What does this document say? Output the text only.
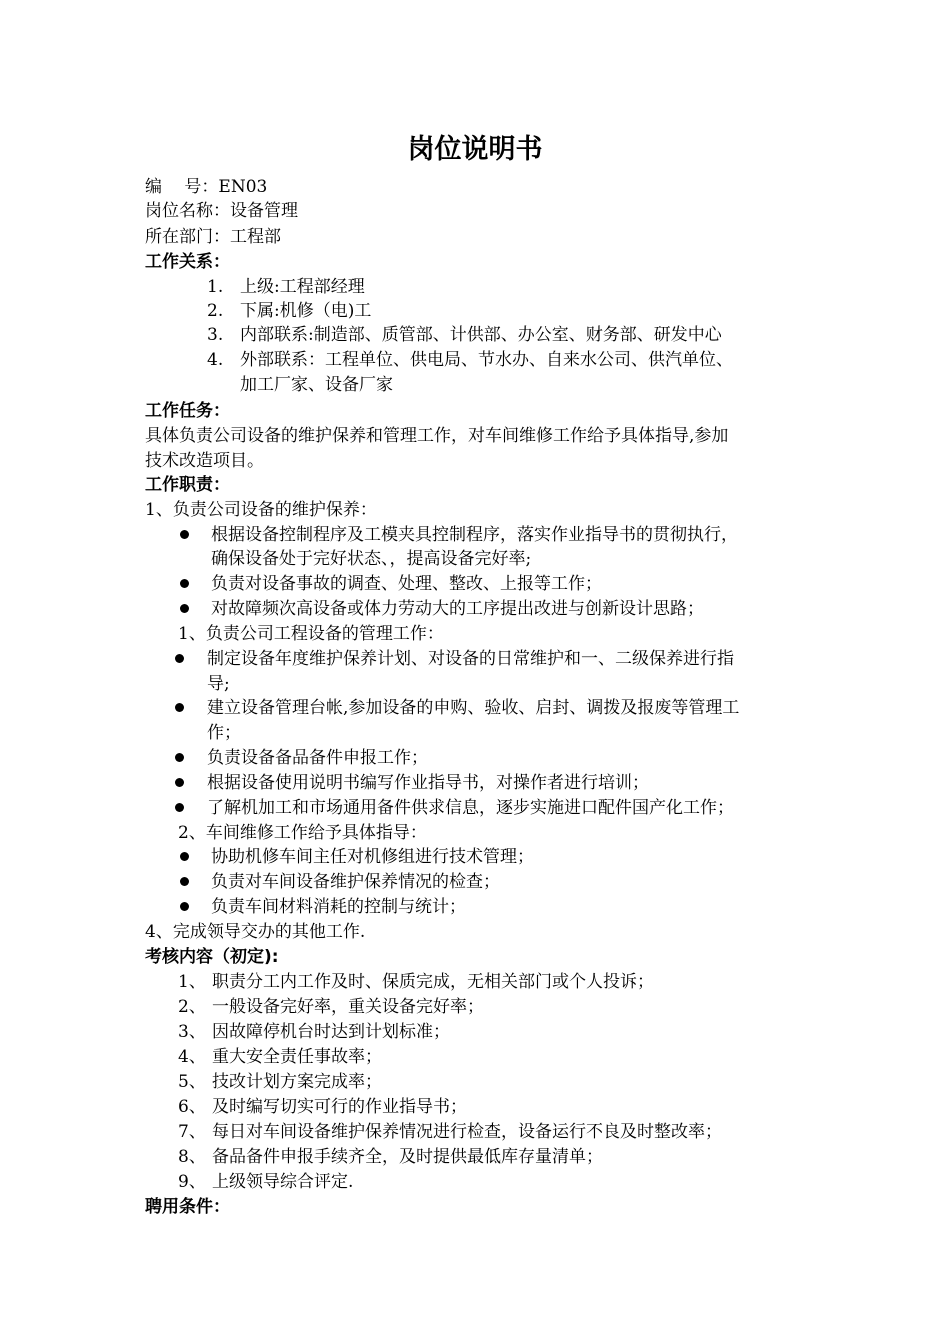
岗位说明书
编　 号：EN03
岗位名称：设备管理
所在部门：工程部
工作关系：
1. 上级:工程部经理
2. 下属:机修（电)工
3. 内部联系:制造部、质管部、计供部、办公室、财务部、研发中心
4. 外部联系：工程单位、供电局、节水办、自来水公司、供汽单位、
加工厂家、设备厂家
工作任务：
具体负责公司设备的维护保养和管理工作，对车间维修工作给予具体指导,参加
技术改造项目。
工作职责：
1、负责公司设备的维护保养：
根据设备控制程序及工模夹具控制程序，落实作业指导书的贯彻执行，
确保设备处于完好状态、，提高设备完好率;
负责对设备事故的调查、处理、整改、上报等工作；
对故障频次高设备或体力劳动大的工序提出改进与创新设计思路；
1、负责公司工程设备的管理工作：
制定设备年度维护保养计划、对设备的日常维护和一、二级保养进行指
导;
建立设备管理台帐,参加设备的申购、验收、启封、调拨及报废等管理工
作；
负责设备备品备件申报工作；
根据设备使用说明书编写作业指导书，对操作者进行培训；
了解机加工和市场通用备件供求信息，逐步实施进口配件国产化工作；
2、车间维修工作给予具体指导：
协助机修车间主任对机修组进行技术管理；
负责对车间设备维护保养情况的检查；
负责车间材料消耗的控制与统计；
4、完成领导交办的其他工作.
考核内容（初定):
1、 职责分工内工作及时、保质完成，无相关部门或个人投诉；
2、 一般设备完好率，重关设备完好率；
3、 因故障停机台时达到计划标准；
4、 重大安全责任事故率；
5、 技改计划方案完成率；
6、 及时编写切实可行的作业指导书；
7、 每日对车间设备维护保养情况进行检查，设备运行不良及时整改率；
8、 备品备件申报手续齐全，及时提供最低库存量清单；
9、 上级领导综合评定.
聘用条件：
